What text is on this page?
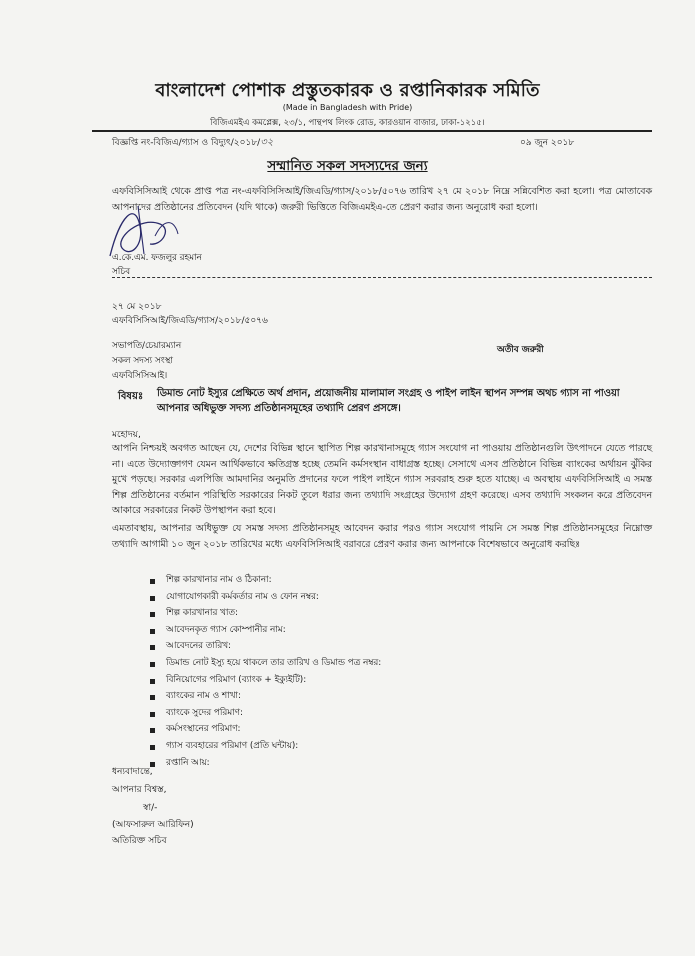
বাংলাদেশ পোশাক প্রস্তুতকারক ও রপ্তানিকারক সমিতি
(Made in Bangladesh with Pride)
বিজিএমইএ কমপ্লেক্স, ২৩/১, পান্থপথ লিংক রোড, কারওয়ান বাজার, ঢাকা-১২১৫।
বিজ্ঞপ্তি নং-বিজিএ/গ্যাস ও বিদ্যুৎ/২০১৮/৩২	০৯ জুন ২০১৮
সম্মানিত সকল সদস্যদের জন্য
এফবিসিসিআই থেকে প্রাপ্ত পত্র নং-এফবিসিসিআই/জিএডি/গ্যাস/২০১৮/৫০৭৬ তারিখ ২৭ মে ২০১৮ নিম্নে সন্নিবেশিত করা হলো। পত্র মোতাবেক আপনাদের প্রতিষ্ঠানের প্রতিবেদন (যদি থাকে) জরুরী ভিত্তিতে বিজিএমইএ-তে প্রেরণ করার জন্য অনুরোধ করা হলো।
এ.কে.এম. ফজলুর রহমান
সচিব
২৭ মে ২০১৮
এফবিসিসিআই/জিএডি/গ্যাস/২০১৮/৫০৭৬
সভাপতি/চেয়ারম্যান
সকল সদস্য সংস্থা
এফবিসিসিআই।
অতীব জরুরী
বিষয়ঃ ডিমান্ড নোট ইস্যুর প্রেক্ষিতে অর্থ প্রদান, প্রয়োজনীয় মালামাল সংগ্রহ ও পাইপ লাইন স্থাপন সম্পন্ন অথচ গ্যাস না পাওয়া আপনার অধিভুক্ত সদস্য প্রতিষ্ঠানসমূহের তথ্যাদি প্রেরণ প্রসঙ্গে।
মহোদয়,
আপনি নিশ্চয়ই অবগত আছেন যে, দেশের বিভিন্ন স্থানে স্থাপিত শিল্প কারখানাসমূহে গ্যাস সংযোগ না পাওয়ায় প্রতিষ্ঠানগুলি উৎপাদনে যেতে পারছে না। এতে উদ্যোক্তাগণ যেমন আর্থিকভাবে ক্ষতিগ্রস্ত হচ্ছে তেমনি কর্মসংস্থান বাধাগ্রস্ত হচ্ছে। সেসাথে এসব প্রতিষ্ঠানে বিভিন্ন ব্যাংকের অর্থায়ন ঝুঁকির মুখে পড়ছে। সরকার এলপিজি আমদানির অনুমতি প্রদানের ফলে পাইপ লাইনে গ্যাস সরবরাহ শুরু হতে যাচ্ছে। এ অবস্থায় এফবিসিসিআই এ সমস্ত শিল্প প্রতিষ্ঠানের বর্তমান পরিস্থিতি সরকারের নিকট তুলে ধরার জন্য তথ্যাদি সংগ্রহের উদ্যোগ গ্রহণ করেছে। এসব তথ্যাদি সংকলন করে প্রতিবেদন আকারে সরকারের নিকট উপস্থাপন করা হবে।
এমতাবস্থায়, আপনার অধিভুক্ত যে সমস্ত সদস্য প্রতিষ্ঠানসমূহ আবেদন করার পরও গ্যাস সংযোগ পায়নি সে সমস্ত শিল্প প্রতিষ্ঠানসমূহের নিম্নোক্ত তথ্যাদি আগামী ১০ জুন ২০১৮ তারিখের মধ্যে এফবিসিসিআই বরাবরে প্রেরণ করার জন্য আপনাকে বিশেষভাবে অনুরোধ করছিঃ
শিল্প কারখানার নাম ও ঠিকানা:
যোগাযোগকারী কর্মকর্তার নাম ও ফোন নম্বর:
শিল্প কারখানার খাত:
আবেদনকৃত গ্যাস কোম্পানীর নাম:
আবেদনের তারিখ:
ডিমান্ড নোট ইস্যু হয়ে থাকলে তার তারিখ ও ডিমান্ড পত্র নম্বর:
বিনিয়োগের পরিমাণ (ব্যাংক + ইক্যুইটি):
ব্যাংকের নাম ও শাখা:
ব্যাংকে সুদের পরিমাণ:
কর্মসংস্থানের পরিমাণ:
গ্যাস ব্যবহারের পরিমাণ (প্রতি ঘন্টায়):
রপ্তানি আয়:
ধন্যবাদান্তে,
আপনার বিশ্বস্ত,
স্বা/-
(আফসারুল আরিফিন)
অতিরিক্ত সচিব
